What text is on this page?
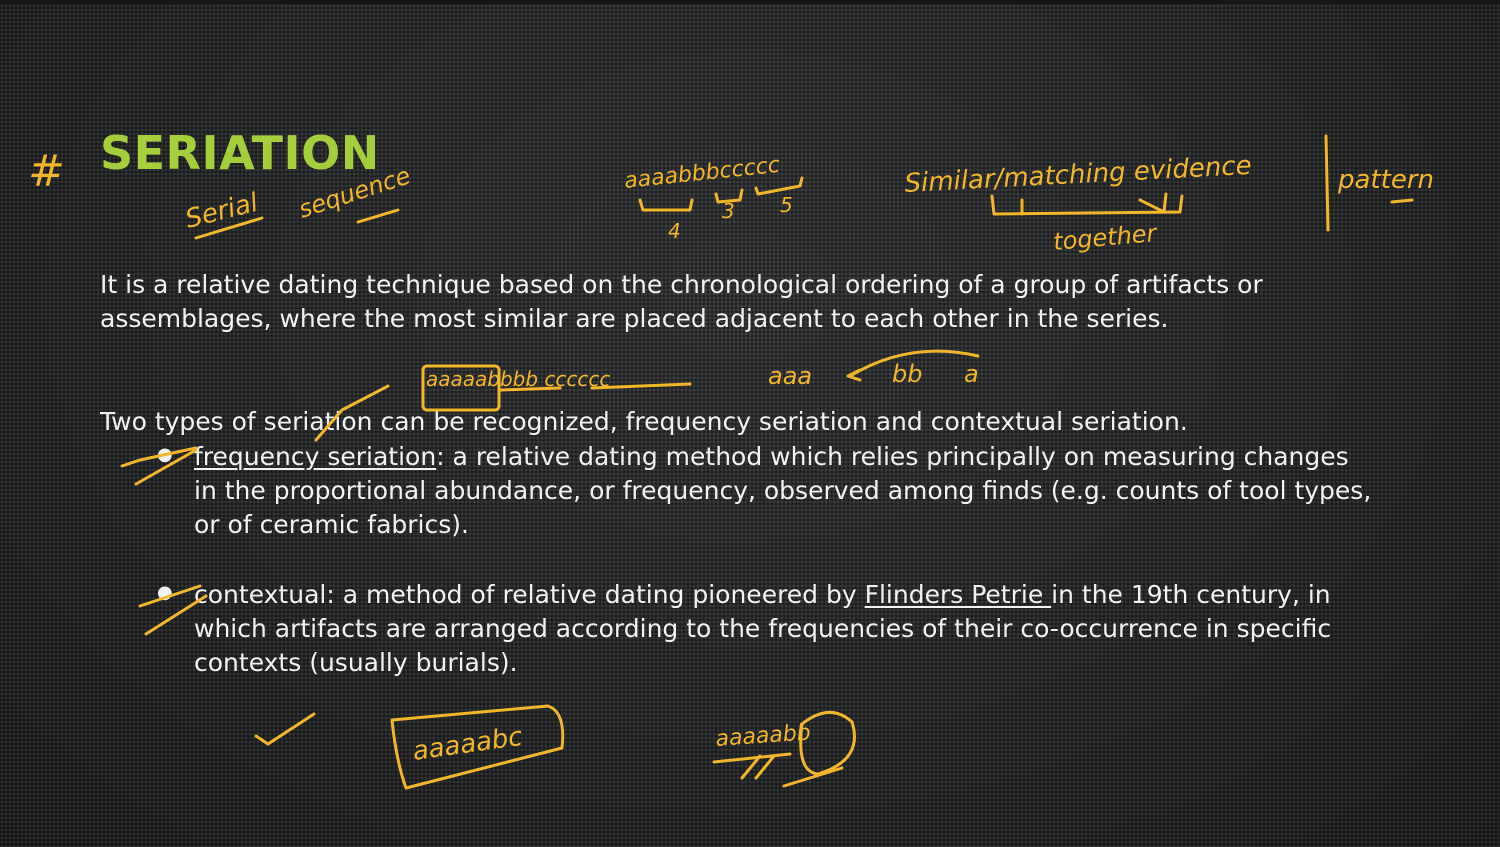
SERIATION

It is a relative dating technique based on the chronological ordering of a group of artifacts or assemblages, where the most similar are placed adjacent to each other in the series.

Two types of seriation can be recognized, frequency seriation and contextual seriation.

● frequency seriation: a relative dating method which relies principally on measuring changes in the proportional abundance, or frequency, observed among finds (e.g. counts of tool types, or of ceramic fabrics).

● contextual: a method of relative dating pioneered by Flinders Petrie in the 19th century, in which artifacts are arranged according to the frequencies of their co-occurrence in specific contexts (usually burials).

#
Serial sequence	aaaabbbccccc
4
3 5
Similar/matching evidence	pattern
together
aaaaabbbb cccccc	aaa	bb a
aaaaabc	aaaaabb
